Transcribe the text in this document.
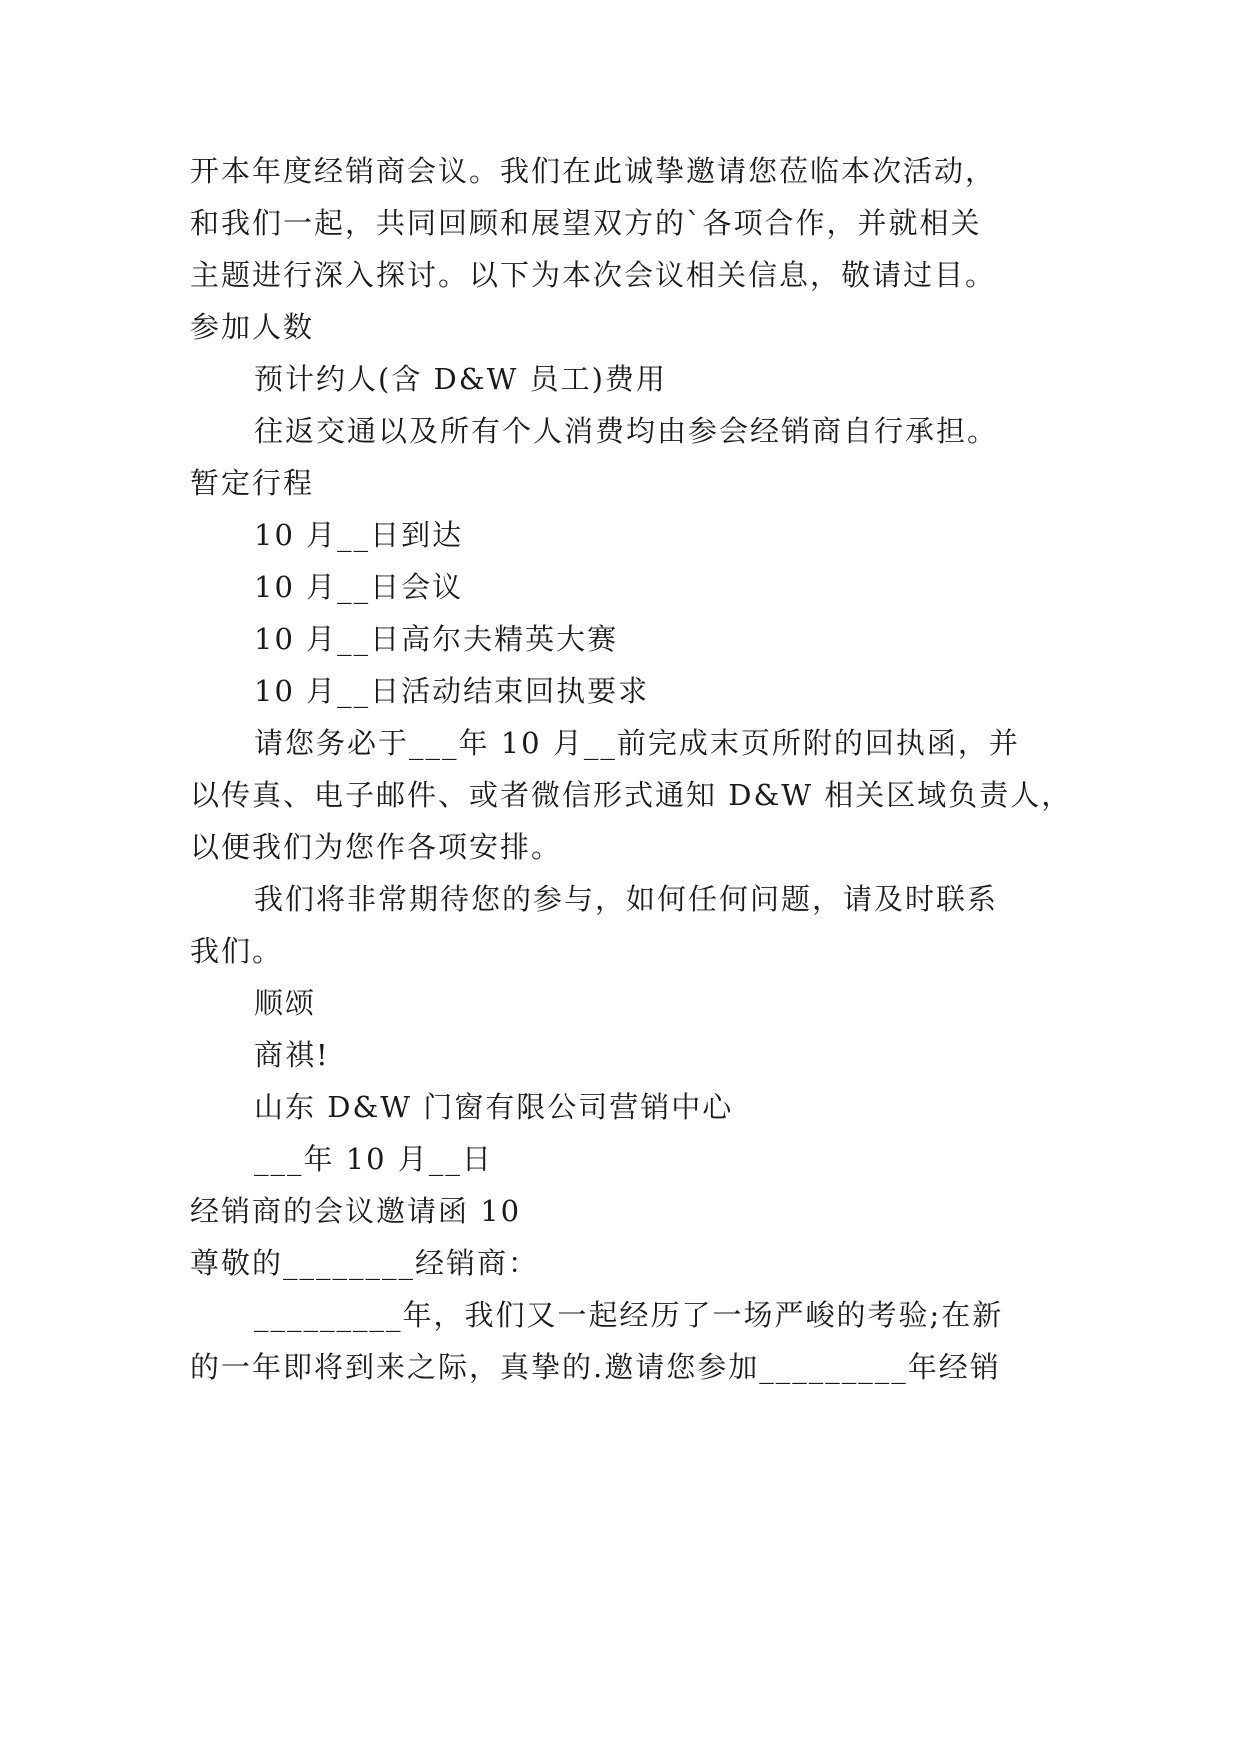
开本年度经销商会议。我们在此诚挚邀请您莅临本次活动，
和我们一起，共同回顾和展望双方的`各项合作，并就相关
主题进行深入探讨。以下为本次会议相关信息，敬请过目。
参加人数
预计约人(含 D&W 员工)费用
往返交通以及所有个人消费均由参会经销商自行承担。
暂定行程
10 月__日到达
10 月__日会议
10 月__日高尔夫精英大赛
10 月__日活动结束回执要求
请您务必于___年 10 月__前完成末页所附的回执函，并
以传真、电子邮件、或者微信形式通知 D&W 相关区域负责人，
以便我们为您作各项安排。
我们将非常期待您的参与，如何任何问题，请及时联系
我们。
顺颂
商祺!
山东 D&W 门窗有限公司营销中心
___年 10 月__日
经销商的会议邀请函 10
尊敬的________经销商：
_________年，我们又一起经历了一场严峻的考验;在新
的一年即将到来之际，真挚的.邀请您参加_________年经销
